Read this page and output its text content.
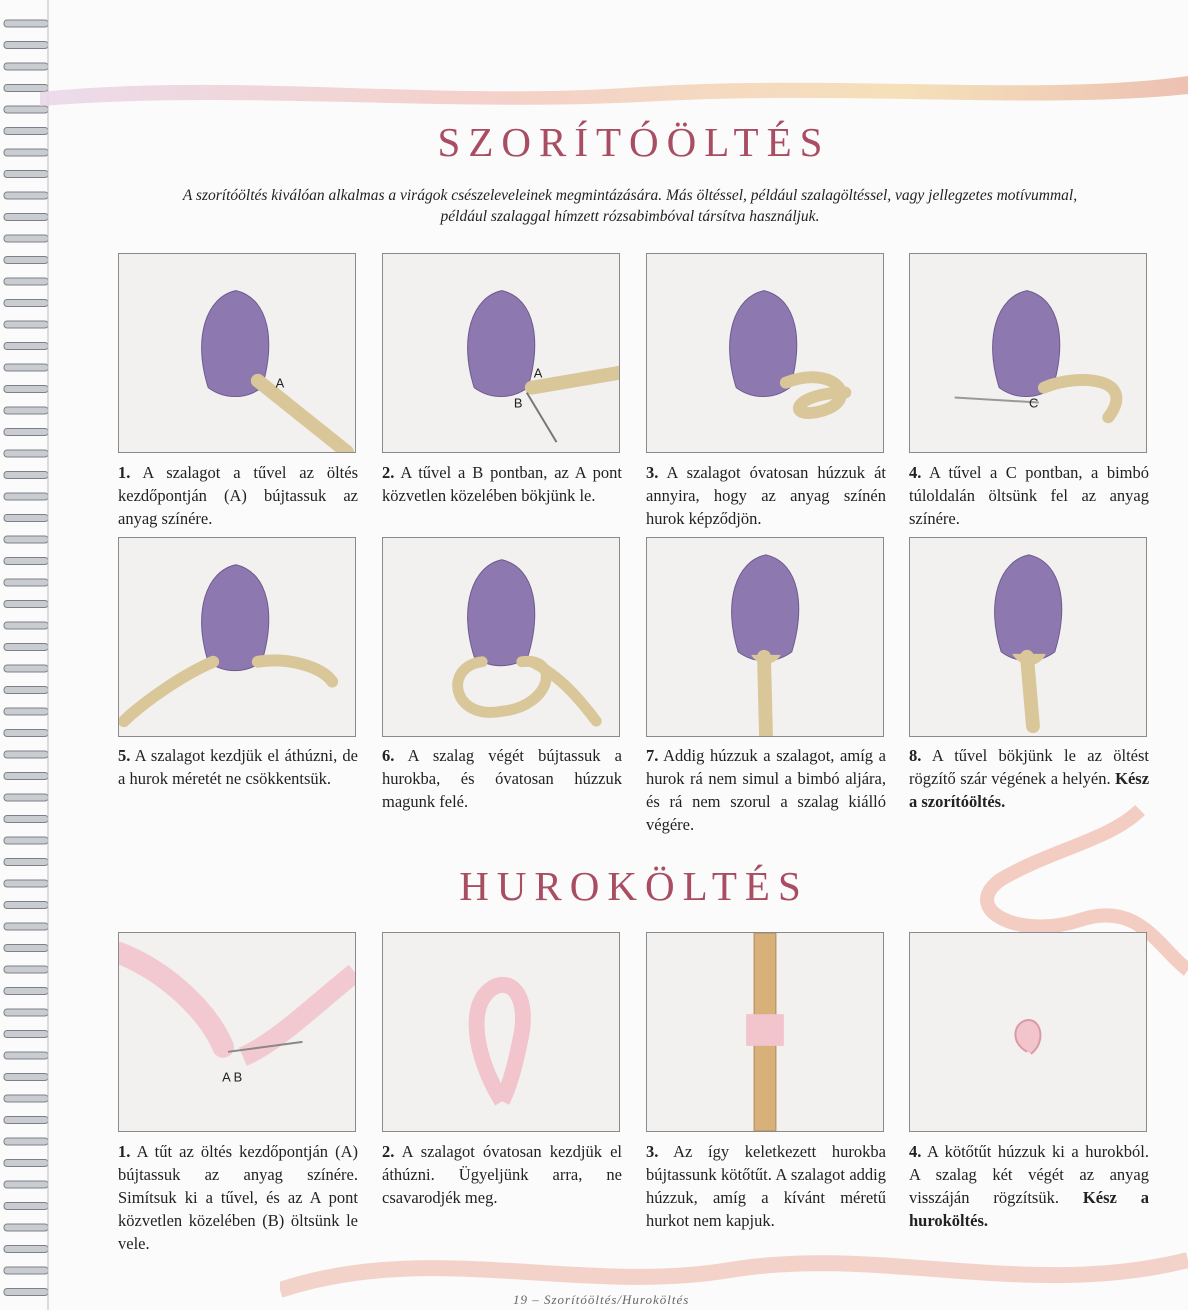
SZORÍTÓÖLTÉS

A szorítóöltés kiválóan alkalmas a virágok csészeleveleinek megmintázására. Más öltéssel, például szalagöltéssel, vagy jellegzetes motívummal, például szalaggal hímzett rózsabimbóval társítva használjuk.

A
A
B	C

1. A szalagot a tűvel az öltés kezdőpontján (A) bújtassuk az anyag színére.

2. A tűvel a B pontban, az A pont közvetlen közelében bökjünk le.

3. A szalagot óvatosan húzzuk át annyira, hogy az anyag színén hurok képződjön.

4. A tűvel a C pontban, a bimbó túloldalán öltsünk fel az anyag színére.

5. A szalagot kezdjük el áthúzni, de a hurok méretét ne csökkentsük.

6. A szalag végét bújtassuk a hurokba, és óvatosan húzzuk magunk felé.

7. Addig húzzuk a szalagot, amíg a hurok rá nem simul a bimbó aljára, és rá nem szorul a szalag kiálló végére.

8. A tűvel bökjünk le az öltést rögzítő szár végének a helyén. Kész a szorítóöltés.

HUROKÖLTÉS
A B

1. A tűt az öltés kezdőpontján (A) bújtassuk az anyag színére. Simítsuk ki a tűvel, és az A pont közvetlen közelében (B) öltsünk le vele.

2. A szalagot óvatosan kezdjük el áthúzni. Ügyeljünk arra, ne csavarodjék meg.

3. Az így keletkezett hurokba bújtassunk kötőtűt. A szalagot addig húzzuk, amíg a kívánt méretű hurkot nem kapjuk.

4. A kötőtűt húzzuk ki a hurokból. A szalag két végét az anyag visszáján rögzítsük. Kész a huroköltés.

19 – Szorítóöltés/Huroköltés
